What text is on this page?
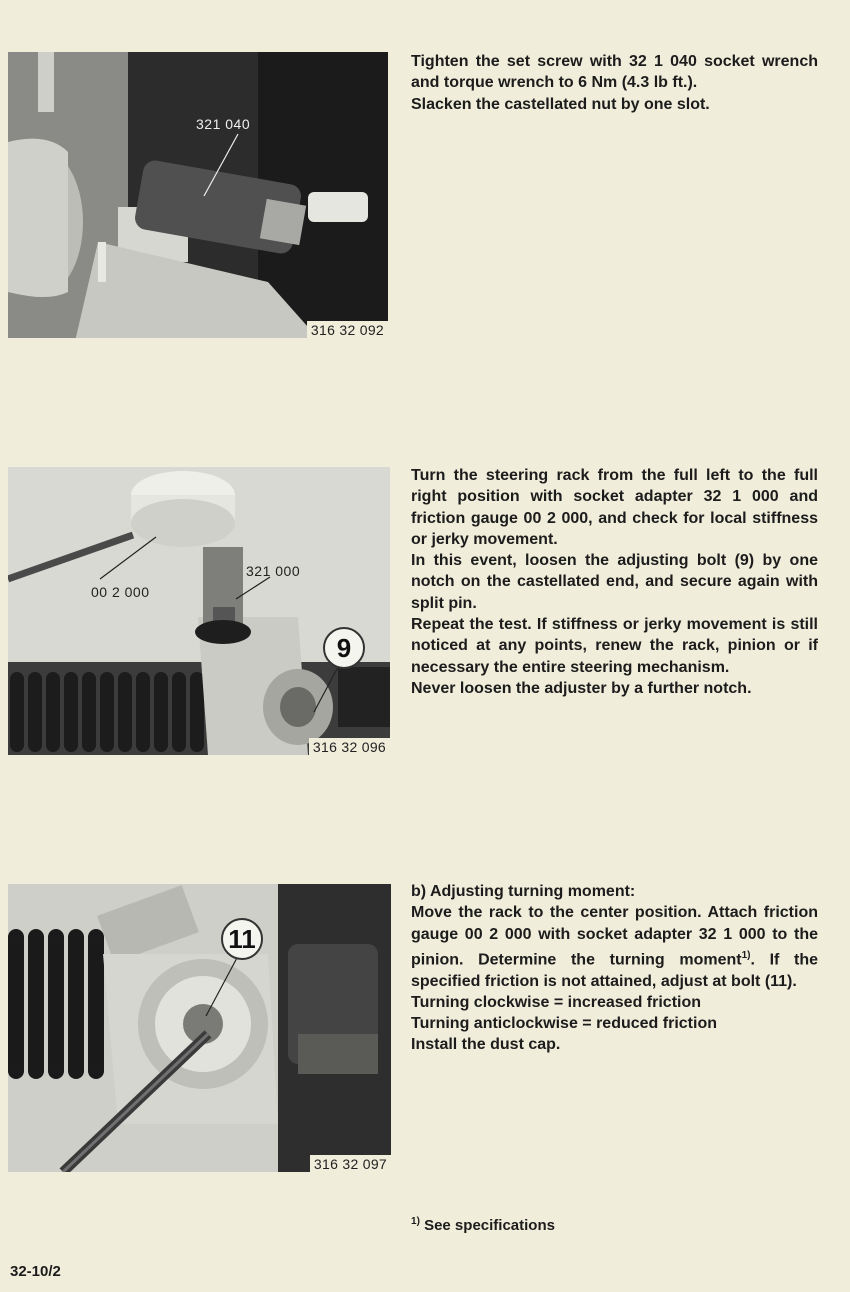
321 040
316 32 092

Tighten the set screw with 32 1 040 socket wrench and torque wrench to 6 Nm (4.3 lb ft.).

Slacken the castellated nut by one slot.

00 2 000
321 000
9
316 32 096

Turn the steering rack from the full left to the full right position with socket adapter 32 1 000 and friction gauge 00 2 000, and check for local stiffness or jerky movement.

In this event, loosen the adjusting bolt (9) by one notch on the castellated end, and secure again with split pin.

Repeat the test. If stiffness or jerky movement is still noticed at any points, renew the rack, pinion or if necessary the entire steering mechanism.

Never loosen the adjuster by a further notch.

11
316 32 097

b) Adjusting turning moment:

Move the rack to the center position. Attach friction gauge 00 2 000 with socket adapter 32 1 000 to the pinion. Determine the turning moment$^{1)}$. If the specified friction is not attained, adjust at bolt (11).

Turning clockwise = increased friction

Turning anticlockwise = reduced friction

Install the dust cap.

$^{1)}$ See specifications
32-10/2
